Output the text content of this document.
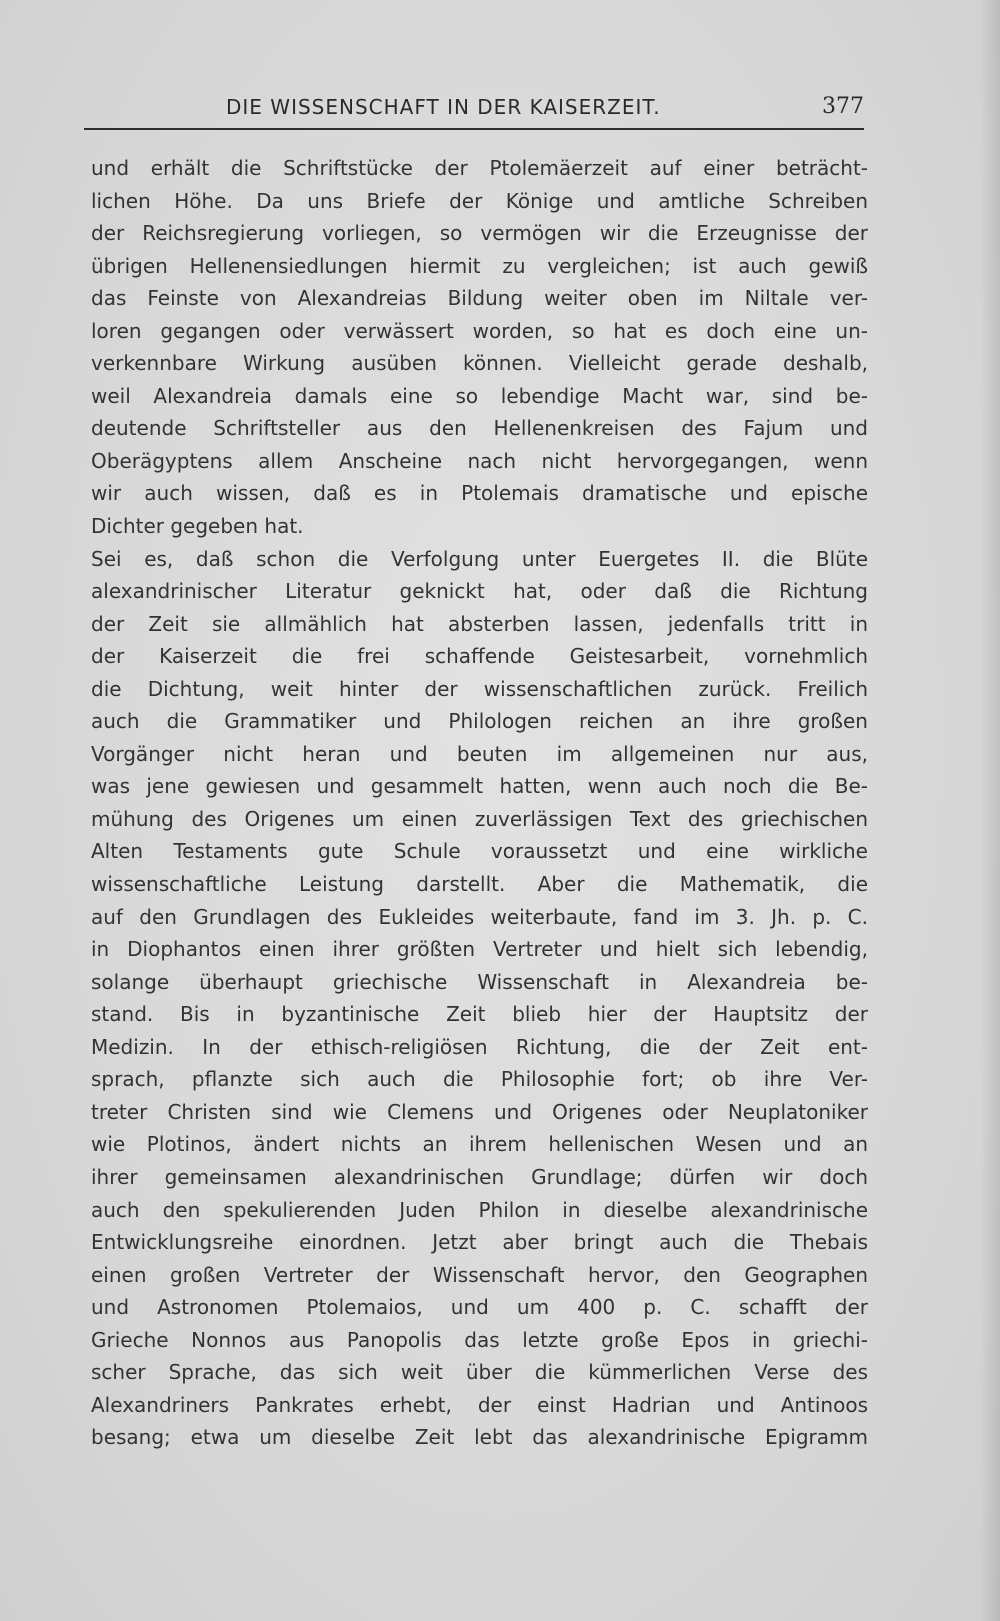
DIE WISSENSCHAFT IN DER KAISERZEIT.	377
und erhält die Schriftstücke der Ptolemäerzeit auf einer beträcht-
lichen Höhe. Da uns Briefe der Könige und amtliche Schreiben
der Reichsregierung vorliegen, so vermögen wir die Erzeugnisse der
übrigen Hellenensiedlungen hiermit zu vergleichen; ist auch gewiß
das Feinste von Alexandreias Bildung weiter oben im Niltale ver-
loren gegangen oder verwässert worden, so hat es doch eine un-
verkennbare Wirkung ausüben können. Vielleicht gerade deshalb,
weil Alexandreia damals eine so lebendige Macht war, sind be-
deutende Schriftsteller aus den Hellenenkreisen des Fajum und
Oberägyptens allem Anscheine nach nicht hervorgegangen, wenn
wir auch wissen, daß es in Ptolemais dramatische und epische
Dichter gegeben hat.
Sei es, daß schon die Verfolgung unter Euergetes II. die Blüte
alexandrinischer Literatur geknickt hat, oder daß die Richtung
der Zeit sie allmählich hat absterben lassen, jedenfalls tritt in
der Kaiserzeit die frei schaffende Geistesarbeit, vornehmlich
die Dichtung, weit hinter der wissenschaftlichen zurück. Freilich
auch die Grammatiker und Philologen reichen an ihre großen
Vorgänger nicht heran und beuten im allgemeinen nur aus,
was jene gewiesen und gesammelt hatten, wenn auch noch die Be-
mühung des Origenes um einen zuverlässigen Text des griechischen
Alten Testaments gute Schule voraussetzt und eine wirkliche
wissenschaftliche Leistung darstellt. Aber die Mathematik, die
auf den Grundlagen des Eukleides weiterbaute, fand im 3. Jh. p. C.
in Diophantos einen ihrer größten Vertreter und hielt sich lebendig,
solange überhaupt griechische Wissenschaft in Alexandreia be-
stand. Bis in byzantinische Zeit blieb hier der Hauptsitz der
Medizin. In der ethisch-religiösen Richtung, die der Zeit ent-
sprach, pflanzte sich auch die Philosophie fort; ob ihre Ver-
treter Christen sind wie Clemens und Origenes oder Neuplatoniker
wie Plotinos, ändert nichts an ihrem hellenischen Wesen und an
ihrer gemeinsamen alexandrinischen Grundlage; dürfen wir doch
auch den spekulierenden Juden Philon in dieselbe alexandrinische
Entwicklungsreihe einordnen. Jetzt aber bringt auch die Thebais
einen großen Vertreter der Wissenschaft hervor, den Geographen
und Astronomen Ptolemaios, und um 400 p. C. schafft der
Grieche Nonnos aus Panopolis das letzte große Epos in griechi-
scher Sprache, das sich weit über die kümmerlichen Verse des
Alexandriners Pankrates erhebt, der einst Hadrian und Antinoos
besang; etwa um dieselbe Zeit lebt das alexandrinische Epigramm
